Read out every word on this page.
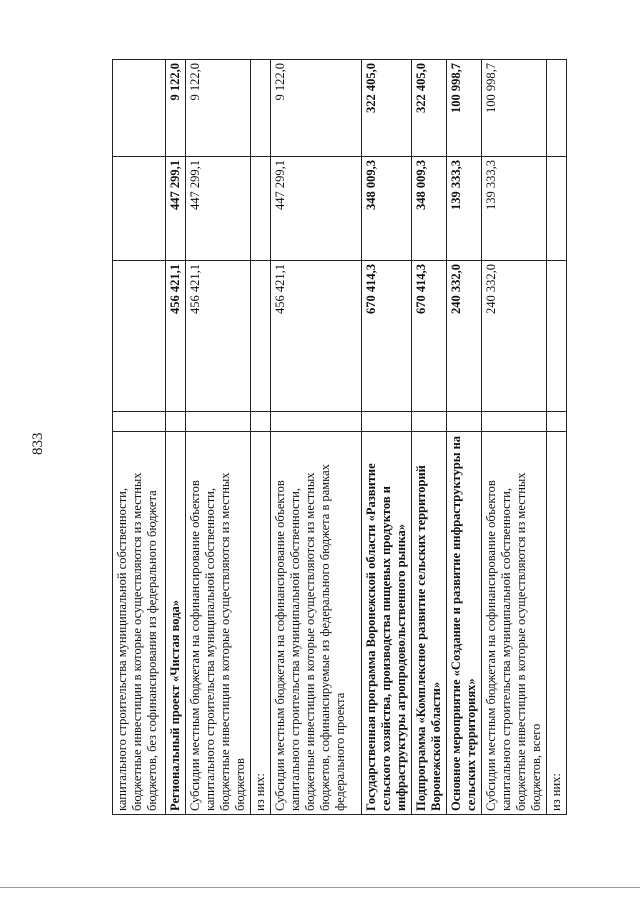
833
капитального строительства муниципальной собственности, бюджетные инвестиции в которые осуществляются из местных бюджетов, без софинансирования из федерального бюджета				
Региональный проект «Чистая вода»		456 421,1	447 299,1	9 122,0
Субсидии местным бюджетам на софинансирование объектов капитального строительства муниципальной собственности, бюджетные инвестиции в которые осуществляются из местных бюджетов		456 421,1	447 299,1	9 122,0
из них:				
Субсидии местным бюджетам на софинансирование объектов капитального строительства муниципальной собственности, бюджетные инвестиции в которые осуществляются из местных бюджетов, софинансируемые из федерального бюджета в рамках федерального проекта		456 421,1	447 299,1	9 122,0
Государственная программа Воронежской области «Развитие сельского хозяйства, производства пищевых продуктов и инфраструктуры агропродовольственного рынка»		670 414,3	348 009,3	322 405,0
Подпрограмма «Комплексное развитие сельских территорий Воронежской области»		670 414,3	348 009,3	322 405,0
Основное мероприятие «Создание и развитие инфраструктуры на сельских территориях»		240 332,0	139 333,3	100 998,7
Субсидии местным бюджетам на софинансирование объектов капитального строительства муниципальной собственности, бюджетные инвестиции в которые осуществляются из местных бюджетов, всего		240 332,0	139 333,3	100 998,7
из них:				
